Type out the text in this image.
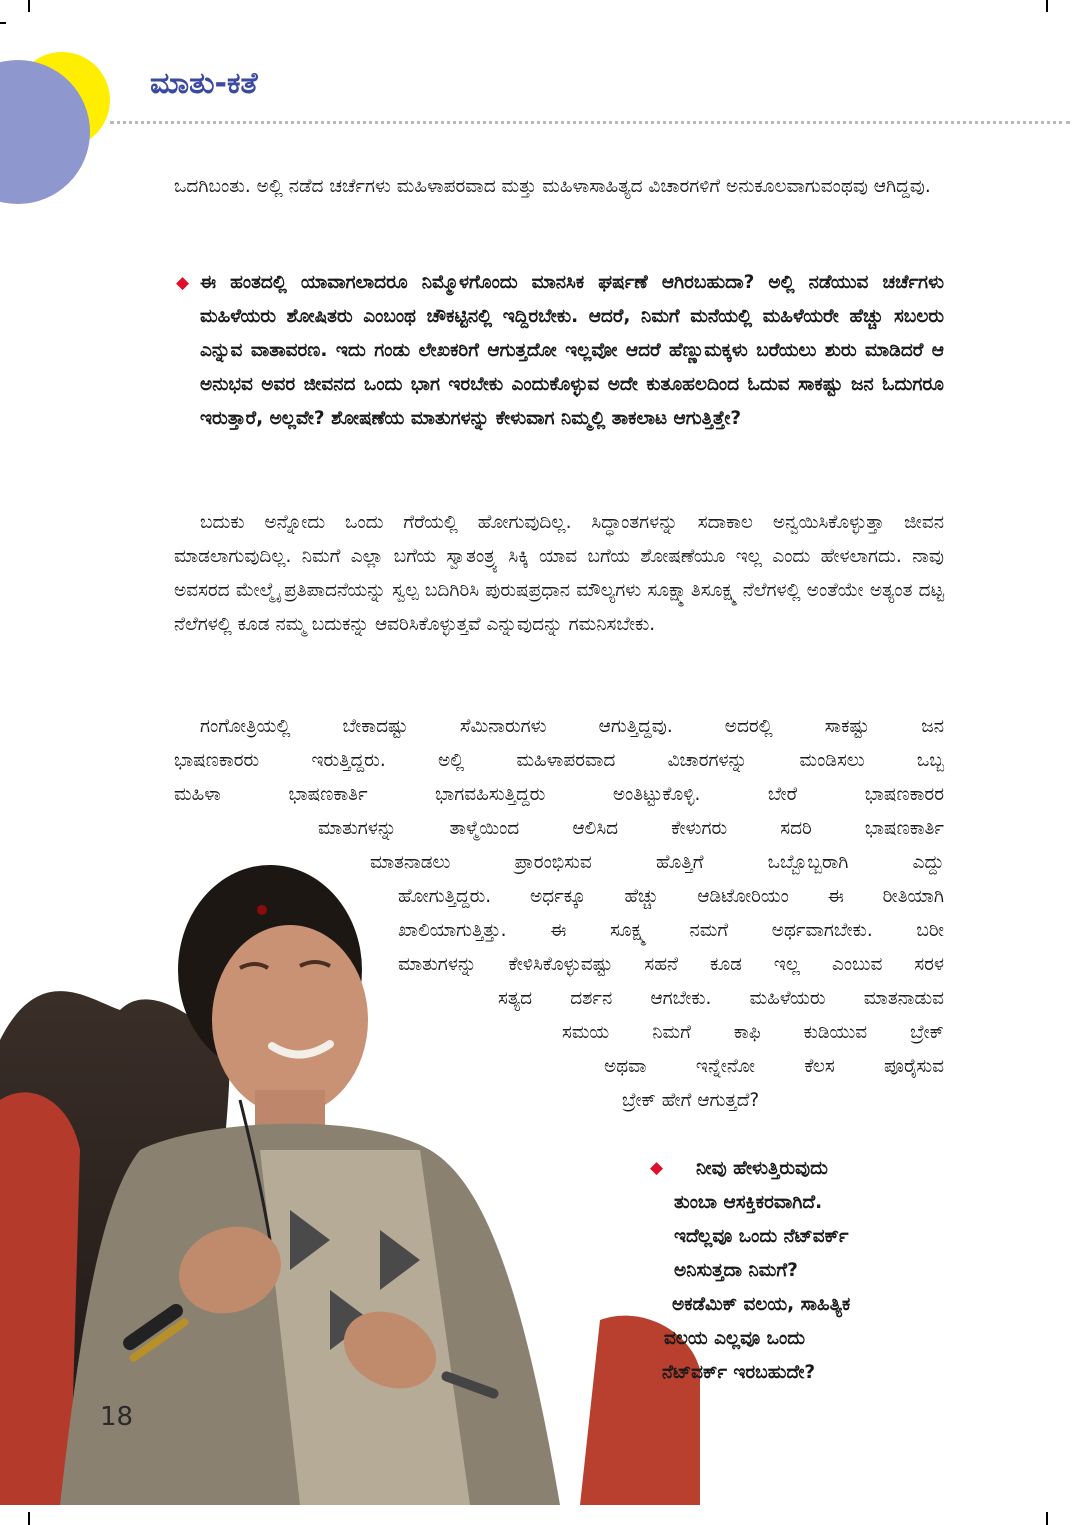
ಮಾತು-ಕತೆ

ಒದಗಿಬಂತು. ಅಲ್ಲಿ ನಡೆದ ಚರ್ಚೆಗಳು ಮಹಿಳಾಪರವಾದ ಮತ್ತು ಮಹಿಳಾಸಾಹಿತ್ಯದ ವಿಚಾರಗಳಿಗೆ ಅನುಕೂಲವಾಗುವಂಥವು ಆಗಿದ್ದವು.

◆ ಈ ಹಂತದಲ್ಲಿ ಯಾವಾಗಲಾದರೂ ನಿಮ್ಮೊಳಗೊಂದು ಮಾನಸಿಕ ಘರ್ಷಣೆ ಆಗಿರಬಹುದಾ? ಅಲ್ಲಿ ನಡೆಯುವ ಚರ್ಚೆಗಳು ಮಹಿಳೆಯರು ಶೋಷಿತರು ಎಂಬಂಥ ಚೌಕಟ್ಟಿನಲ್ಲಿ ಇದ್ದಿರಬೇಕು. ಆದರೆ, ನಿಮಗೆ ಮನೆಯಲ್ಲಿ ಮಹಿಳೆಯರೇ ಹೆಚ್ಚು ಸಬಲರು ಎನ್ನುವ ವಾತಾವರಣ. ಇದು ಗಂಡು ಲೇಖಕರಿಗೆ ಆಗುತ್ತದೋ ಇಲ್ಲವೋ ಆದರೆ ಹೆಣ್ಣುಮಕ್ಕಳು ಬರೆಯಲು ಶುರು ಮಾಡಿದರೆ ಆ ಅನುಭವ ಅವರ ಜೀವನದ ಒಂದು ಭಾಗ ಇರಬೇಕು ಎಂದುಕೊಳ್ಳುವ ಅದೇ ಕುತೂಹಲದಿಂದ ಓದುವ ಸಾಕಷ್ಟು ಜನ ಓದುಗರೂ ಇರುತ್ತಾರೆ, ಅಲ್ಲವೇ? ಶೋಷಣೆಯ ಮಾತುಗಳನ್ನು ಕೇಳುವಾಗ ನಿಮ್ಮಲ್ಲಿ ತಾಕಲಾಟ ಆಗುತ್ತಿತ್ತೇ?

ಬದುಕು ಅನ್ನೋದು ಒಂದು ಗೆರೆಯಲ್ಲಿ ಹೋಗುವುದಿಲ್ಲ. ಸಿದ್ಧಾಂತಗಳನ್ನು ಸದಾಕಾಲ ಅನ್ವಯಿಸಿಕೊಳ್ಳುತ್ತಾ ಜೀವನ ಮಾಡಲಾಗುವುದಿಲ್ಲ. ನಿಮಗೆ ಎಲ್ಲಾ ಬಗೆಯ ಸ್ವಾತಂತ್ರ್ಯ ಸಿಕ್ಕಿ ಯಾವ ಬಗೆಯ ಶೋಷಣೆಯೂ ಇಲ್ಲ ಎಂದು ಹೇಳಲಾಗದು. ನಾವು ಅವಸರದ ಮೇಲ್ಮೈ ಪ್ರತಿಪಾದನೆಯನ್ನು ಸ್ವಲ್ಪ ಬದಿಗಿರಿಸಿ ಪುರುಷಪ್ರಧಾನ ಮೌಲ್ಯಗಳು ಸೂಕ್ಷ್ಮಾತಿಸೂಕ್ಷ್ಮ ನೆಲೆಗಳಲ್ಲಿ ಅಂತೆಯೇ ಅತ್ಯಂತ ದಟ್ಟ ನೆಲೆಗಳಲ್ಲಿ ಕೂಡ ನಮ್ಮ ಬದುಕನ್ನು ಆವರಿಸಿಕೊಳ್ಳುತ್ತವೆ ಎನ್ನುವುದನ್ನು ಗಮನಿಸಬೇಕು.

18
ಗಂಗೋತ್ರಿಯಲ್ಲಿ ಬೇಕಾದಷ್ಟು ಸೆಮಿನಾರುಗಳು ಆಗುತ್ತಿದ್ದವು. ಅದರಲ್ಲಿ ಸಾಕಷ್ಟು ಜನ
ಭಾಷಣಕಾರರು ಇರುತ್ತಿದ್ದರು. ಅಲ್ಲಿ ಮಹಿಳಾಪರವಾದ ವಿಚಾರಗಳನ್ನು ಮಂಡಿಸಲು ಒಬ್ಬ
ಮಹಿಳಾ ಭಾಷಣಕಾರ್ತಿ ಭಾಗವಹಿಸುತ್ತಿದ್ದರು ಅಂತಿಟ್ಟುಕೊಳ್ಳಿ. ಬೇರೆ ಭಾಷಣಕಾರರ
ಮಾತುಗಳನ್ನು ತಾಳ್ಮೆಯಿಂದ ಆಲಿಸಿದ ಕೇಳುಗರು ಸದರಿ ಭಾಷಣಕಾರ್ತಿ
ಮಾತನಾಡಲು ಪ್ರಾರಂಭಿಸುವ ಹೊತ್ತಿಗೆ ಒಬ್ಬೊಬ್ಬರಾಗಿ ಎದ್ದು
ಹೋಗುತ್ತಿದ್ದರು. ಅರ್ಧಕ್ಕೂ ಹೆಚ್ಚು ಆಡಿಟೋರಿಯಂ ಈ ರೀತಿಯಾಗಿ
ಖಾಲಿಯಾಗುತ್ತಿತ್ತು. ಈ ಸೂಕ್ಷ್ಮ ನಮಗೆ ಅರ್ಥವಾಗಬೇಕು. ಬರೀ
ಮಾತುಗಳನ್ನು ಕೇಳಿಸಿಕೊಳ್ಳುವಷ್ಟು ಸಹನೆ ಕೂಡ ಇಲ್ಲ ಎಂಬುವ ಸರಳ
ಸತ್ಯದ ದರ್ಶನ ಆಗಬೇಕು. ಮಹಿಳೆಯರು ಮಾತನಾಡುವ
ಸಮಯ ನಿಮಗೆ ಕಾಫಿ ಕುಡಿಯುವ ಬ್ರೇಕ್
ಅಥವಾ ಇನ್ನೇನೋ ಕೆಲಸ ಪೂರೈಸುವ
ಬ್ರೇಕ್ ಹೇಗೆ ಆಗುತ್ತದೆ?
◆ ನೀವು ಹೇಳುತ್ತಿರುವುದು
ತುಂಬಾ ಆಸಕ್ತಿಕರವಾಗಿದೆ.
ಇದೆಲ್ಲವೂ ಒಂದು ನೆಟ್‌ವರ್ಕ್
ಅನಿಸುತ್ತದಾ ನಿಮಗೆ?
ಅಕಡೆಮಿಕ್ ವಲಯ, ಸಾಹಿತ್ಯಿಕ
ವಲಯ ಎಲ್ಲವೂ ಒಂದು
ನೆಟ್‌ವರ್ಕ್ ಇರಬಹುದೇ?
